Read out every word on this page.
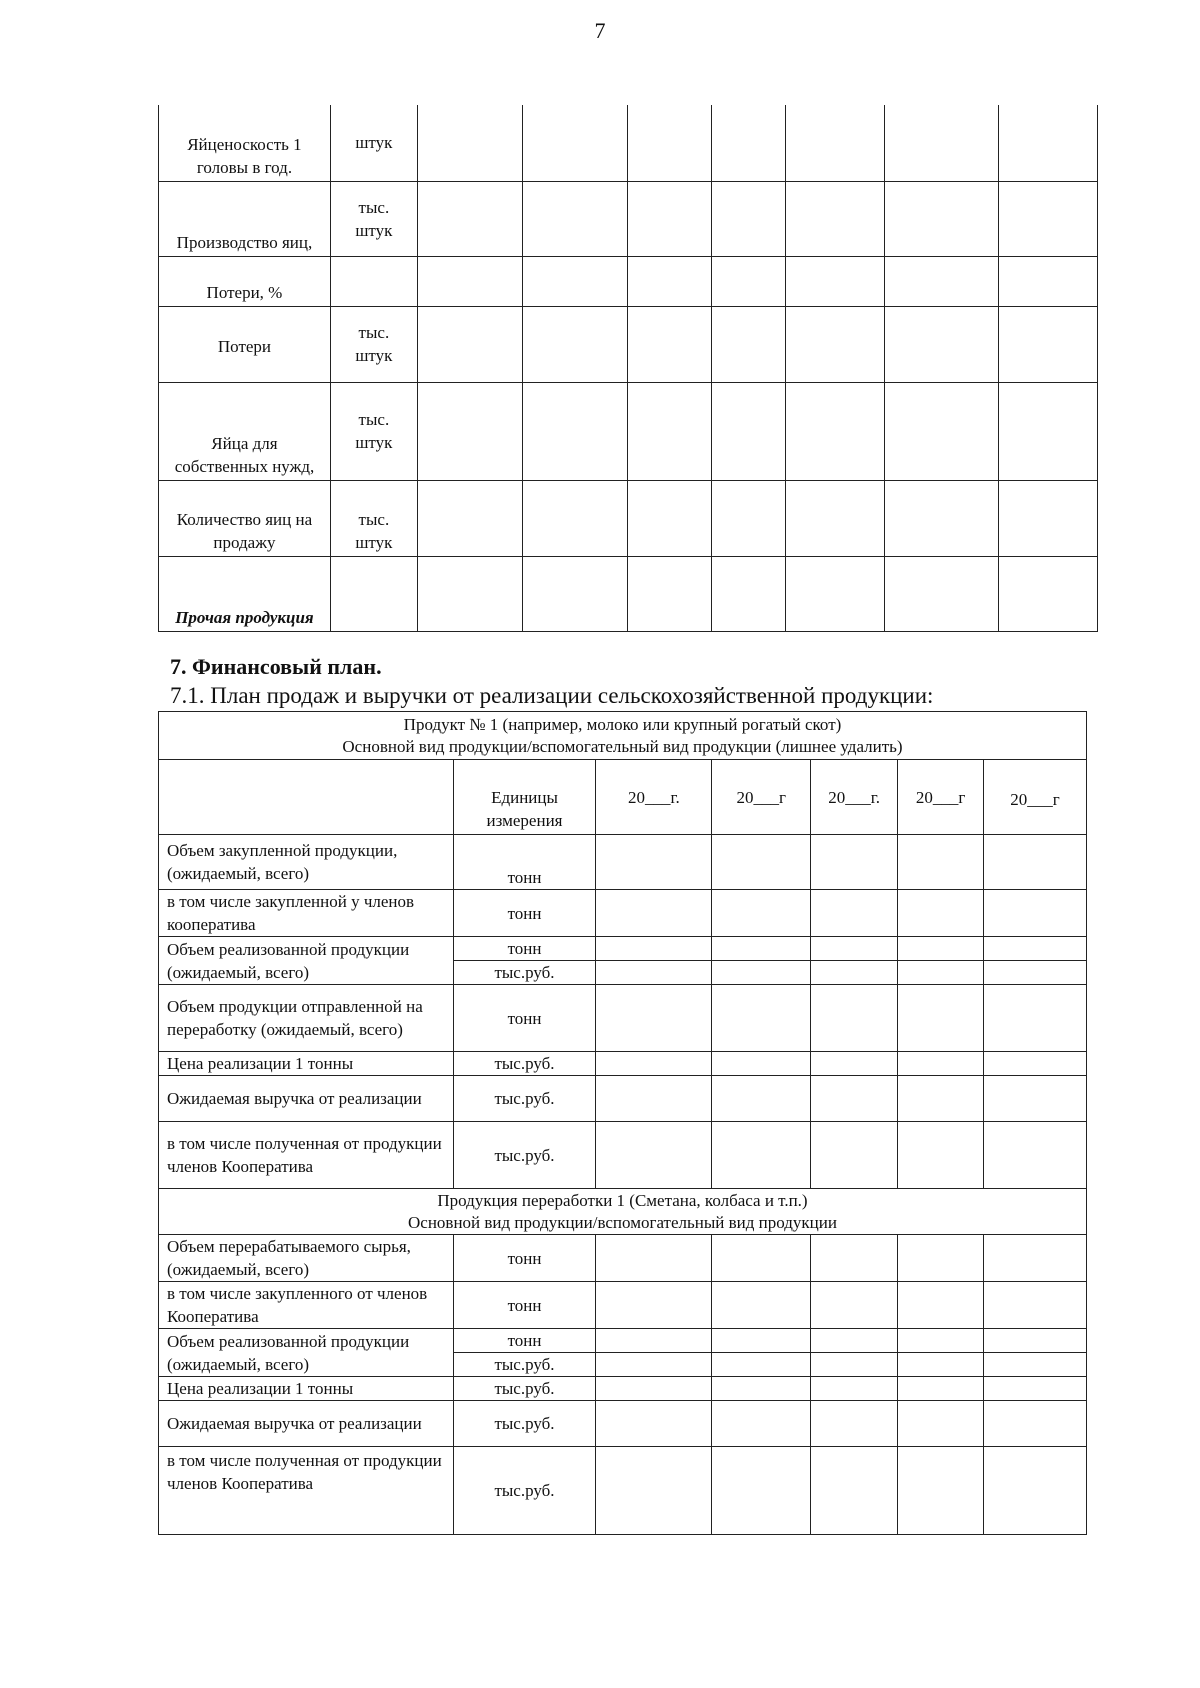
7
Яйценоскость 1 головы в год.	штук							
Производство яиц,	тыс. штук							
Потери, %								
Потери	тыс. штук							
Яйца для собственных нужд,	тыс. штук							
Количество яиц на продажу	тыс. штук							
Прочая продукция								
7. Финансовый план.
7.1. План продаж и выручки от реализации сельскохозяйственной продукции:
Продукт № 1 (например, молоко или крупный рогатый скот)
Основной вид продукции/вспомогательный вид продукции (лишнее удалить)						

	Единицы измерения	20___г.	20___г	20___г.	20___г	20___г
Объем закупленной продукции, (ожидаемый, всего)	тонн					
в том числе закупленной у членов кооператива	тонн					
Объем реализованной продукции (ожидаемый, всего)	тонн					
	тыс.руб.					
Объем продукции отправленной на переработку (ожидаемый, всего)	тонн					
Цена реализации 1 тонны	тыс.руб.					
Ожидаемая выручка от реализации	тыс.руб.					
в том числе полученная от продукции членов Кооператива	тыс.руб.					

Продукция переработки 1 (Сметана, колбаса и т.п.)
Основной вид продукции/вспомогательный вид продукции						

Объем перерабатываемого сырья, (ожидаемый, всего)	тонн					
в том числе закупленного от членов Кооператива	тонн					
Объем реализованной продукции (ожидаемый, всего)	тонн					
	тыс.руб.					
Цена реализации 1 тонны	тыс.руб.					
Ожидаемая выручка от реализации	тыс.руб.					
в том числе полученная от продукции членов Кооператива	тыс.руб.					
